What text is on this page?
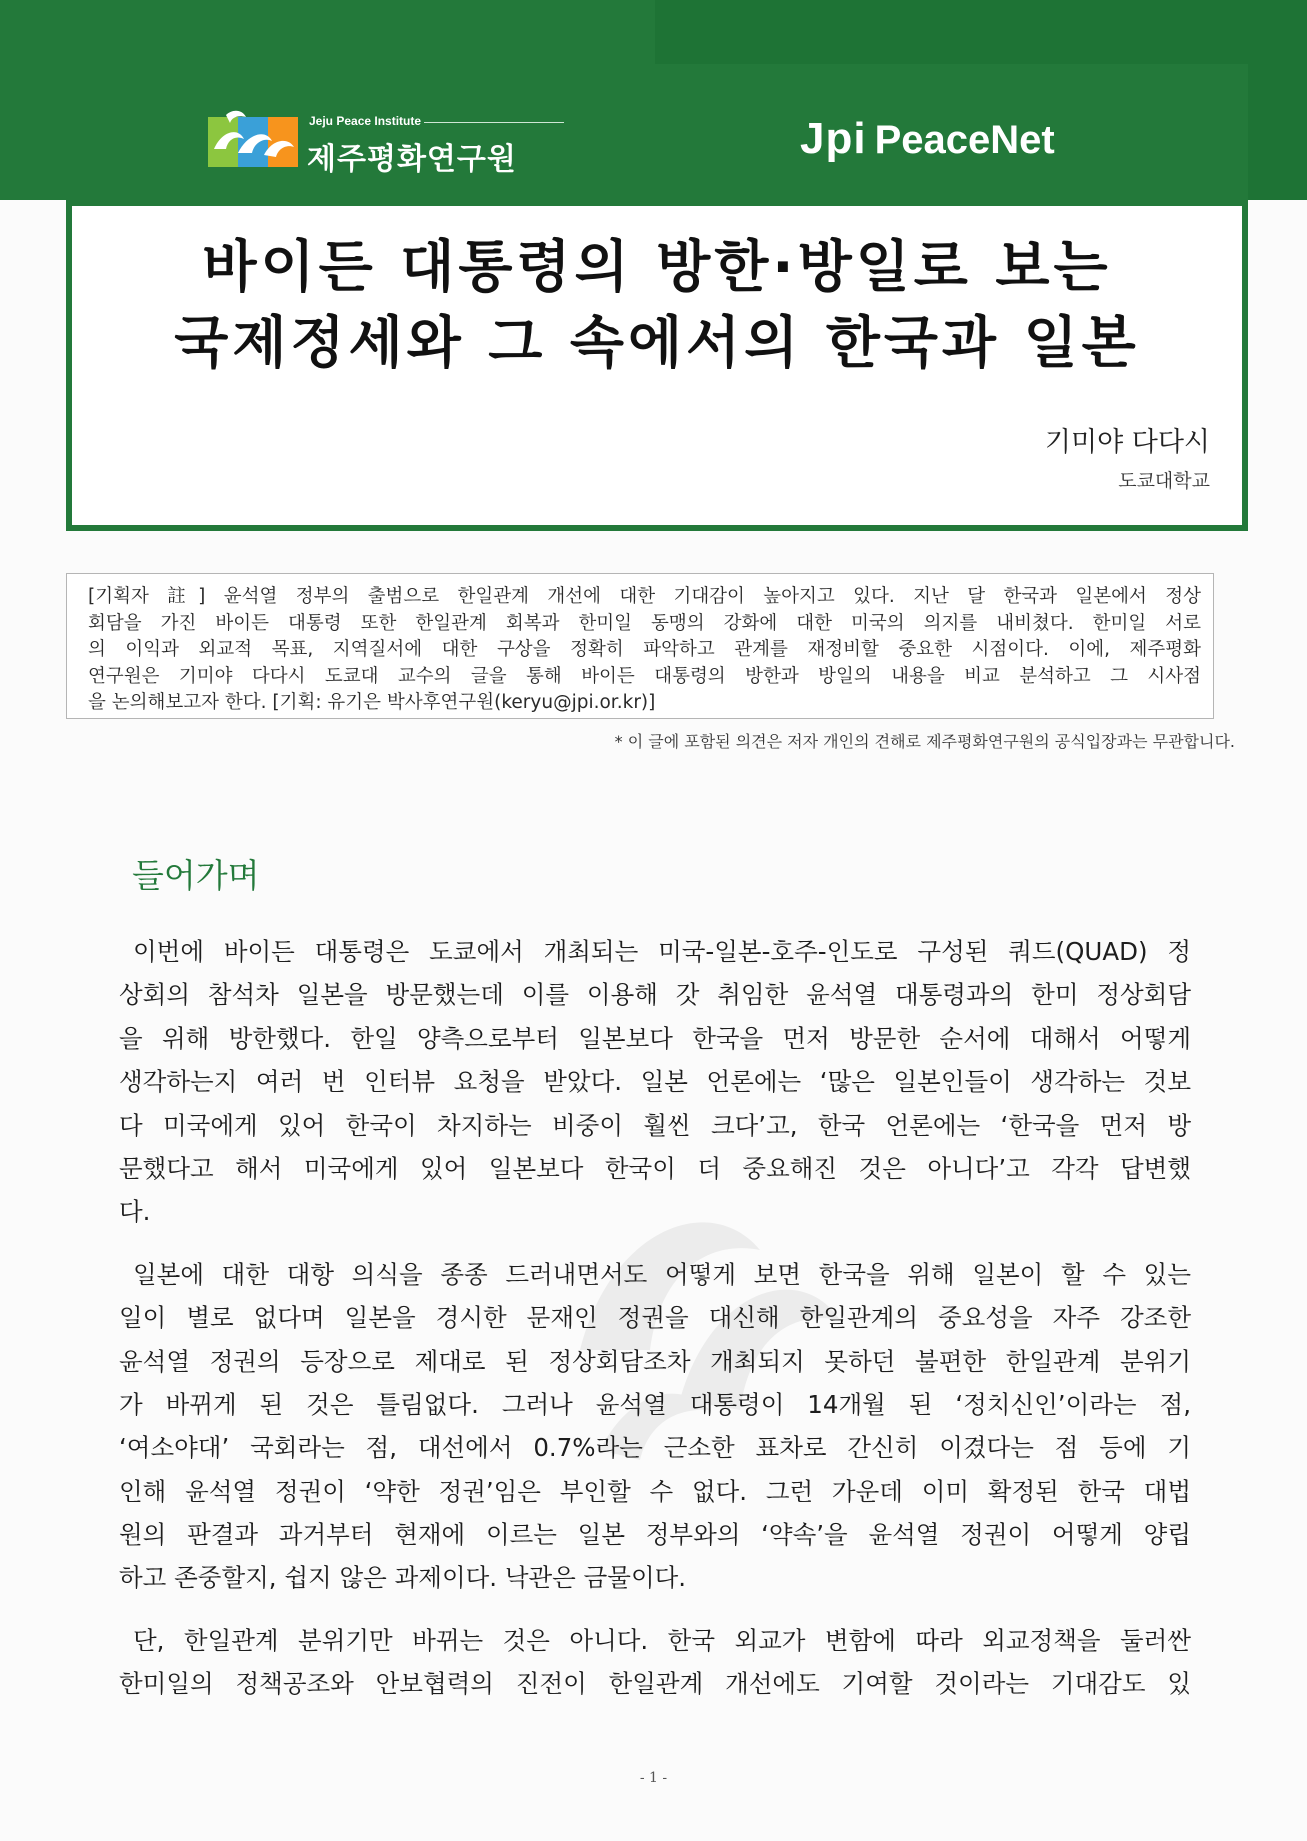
Jeju Peace Institute
제주평화연구원	Jpi PeaceNet
바이든 대통령의 방한·방일로 보는
국제정세와 그 속에서의 한국과 일본
기미야 다다시
도쿄대학교

[기획자 註] 윤석열 정부의 출범으로 한일관계 개선에 대한 기대감이 높아지고 있다. 지난 달 한국과 일본에서 정상

회담을 가진 바이든 대통령 또한 한일관계 회복과 한미일 동맹의 강화에 대한 미국의 의지를 내비쳤다. 한미일 서로

의 이익과 외교적 목표, 지역질서에 대한 구상을 정확히 파악하고 관계를 재정비할 중요한 시점이다. 이에, 제주평화

연구원은 기미야 다다시 도쿄대 교수의 글을 통해 바이든 대통령의 방한과 방일의 내용을 비교 분석하고 그 시사점

을 논의해보고자 한다. [기획: 유기은 박사후연구원(keryu@jpi.or.kr)]

* 이 글에 포함된 의견은 저자 개인의 견해로 제주평화연구원의 공식입장과는 무관합니다.
들어가며
이번에 바이든 대통령은 도쿄에서 개최되는 미국-일본-호주-인도로 구성된 쿼드(QUAD) 정
상회의 참석차 일본을 방문했는데 이를 이용해 갓 취임한 윤석열 대통령과의 한미 정상회담
을 위해 방한했다. 한일 양측으로부터 일본보다 한국을 먼저 방문한 순서에 대해서 어떻게
생각하는지 여러 번 인터뷰 요청을 받았다. 일본 언론에는 ‘많은 일본인들이 생각하는 것보
다 미국에게 있어 한국이 차지하는 비중이 훨씬 크다’고, 한국 언론에는 ‘한국을 먼저 방
문했다고 해서 미국에게 있어 일본보다 한국이 더 중요해진 것은 아니다’고 각각 답변했
다.
일본에 대한 대항 의식을 종종 드러내면서도 어떻게 보면 한국을 위해 일본이 할 수 있는
일이 별로 없다며 일본을 경시한 문재인 정권을 대신해 한일관계의 중요성을 자주 강조한
윤석열 정권의 등장으로 제대로 된 정상회담조차 개최되지 못하던 불편한 한일관계 분위기
가 바뀌게 된 것은 틀림없다. 그러나 윤석열 대통령이 14개월 된 ‘정치신인’이라는 점,
‘여소야대’ 국회라는 점, 대선에서 0.7%라는 근소한 표차로 간신히 이겼다는 점 등에 기
인해 윤석열 정권이 ‘약한 정권’임은 부인할 수 없다. 그런 가운데 이미 확정된 한국 대법
원의 판결과 과거부터 현재에 이르는 일본 정부와의 ‘약속’을 윤석열 정권이 어떻게 양립
하고 존중할지, 쉽지 않은 과제이다. 낙관은 금물이다.
단, 한일관계 분위기만 바뀌는 것은 아니다. 한국 외교가 변함에 따라 외교정책을 둘러싼
한미일의 정책공조와 안보협력의 진전이 한일관계 개선에도 기여할 것이라는 기대감도 있
- 1 -
